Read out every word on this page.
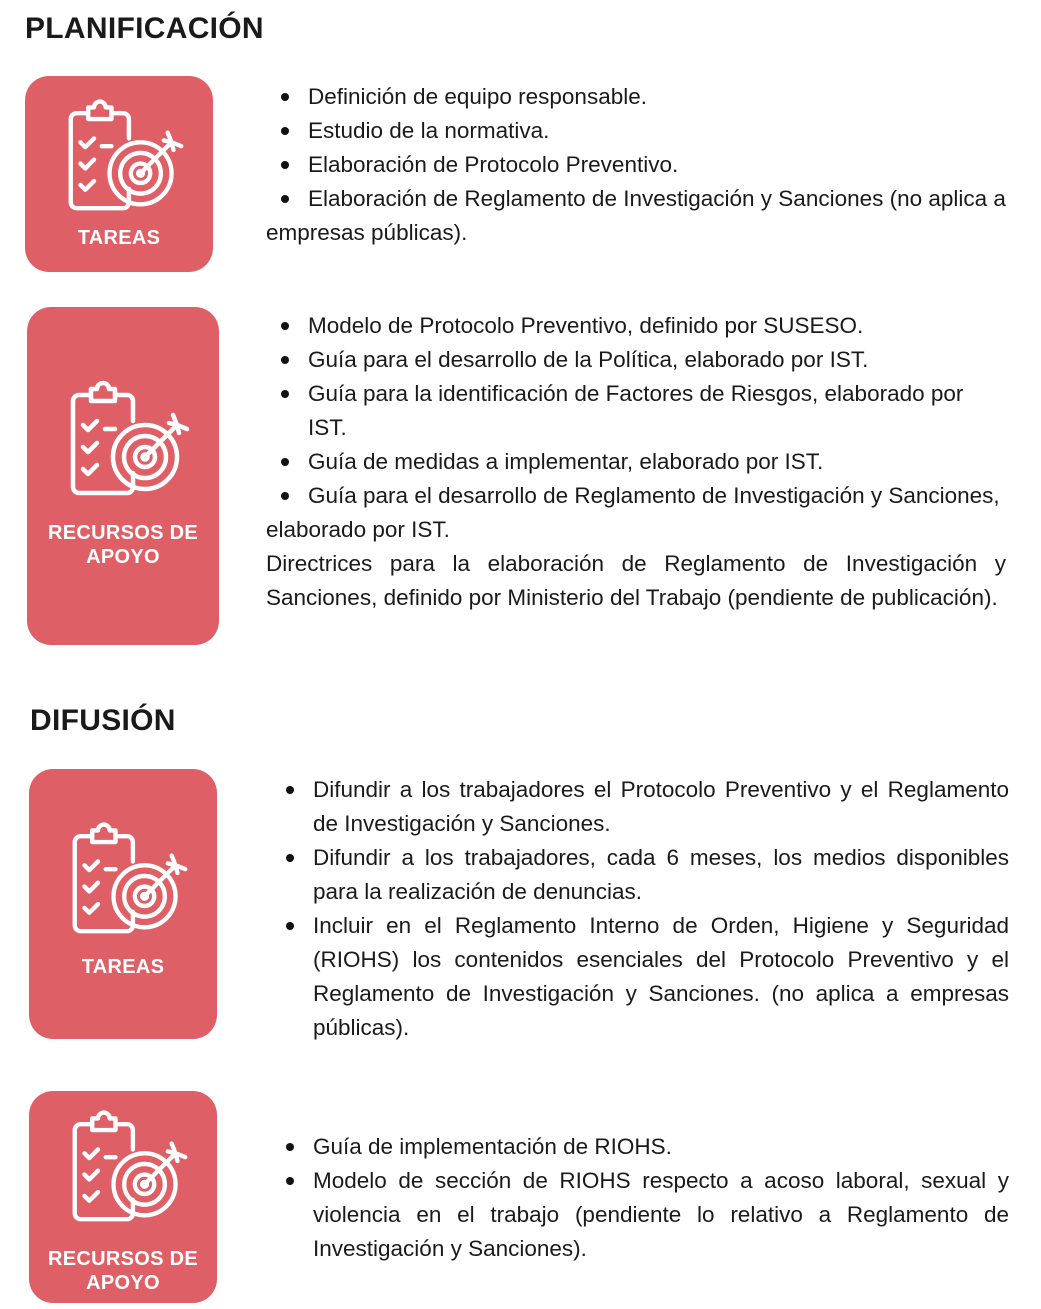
PLANIFICACIÓN
TAREAS
Definición de equipo responsable.
Estudio de la normativa.
Elaboración de Protocolo Preventivo.
Elaboración de Reglamento de Investigación y Sanciones (no aplica a empresas públicas).
RECURSOS DE APOYO
Modelo de Protocolo Preventivo, definido por SUSESO.
Guía para el desarrollo de la Política, elaborado por IST.
Guía para la identificación de Factores de Riesgos, elaborado por IST.
Guía de medidas a implementar, elaborado por IST.
Guía para el desarrollo de Reglamento de Investigación y Sanciones, elaborado por IST.

Directrices para la elaboración de Reglamento de Investigación y Sanciones, definido por Ministerio del Trabajo (pendiente de publicación).

DIFUSIÓN
TAREAS
Difundir a los trabajadores el Protocolo Preventivo y el Reglamento de Investigación y Sanciones.
Difundir a los trabajadores, cada 6 meses, los medios disponibles para la realización de denuncias.
Incluir en el Reglamento Interno de Orden, Higiene y Seguridad (RIOHS) los contenidos esenciales del Protocolo Preventivo y el Reglamento de Investigación y Sanciones. (no aplica a empresas públicas).
RECURSOS DE APOYO
Guía de implementación de RIOHS.
Modelo de sección de RIOHS respecto a acoso laboral, sexual y violencia en el trabajo (pendiente lo relativo a Reglamento de Investigación y Sanciones).
